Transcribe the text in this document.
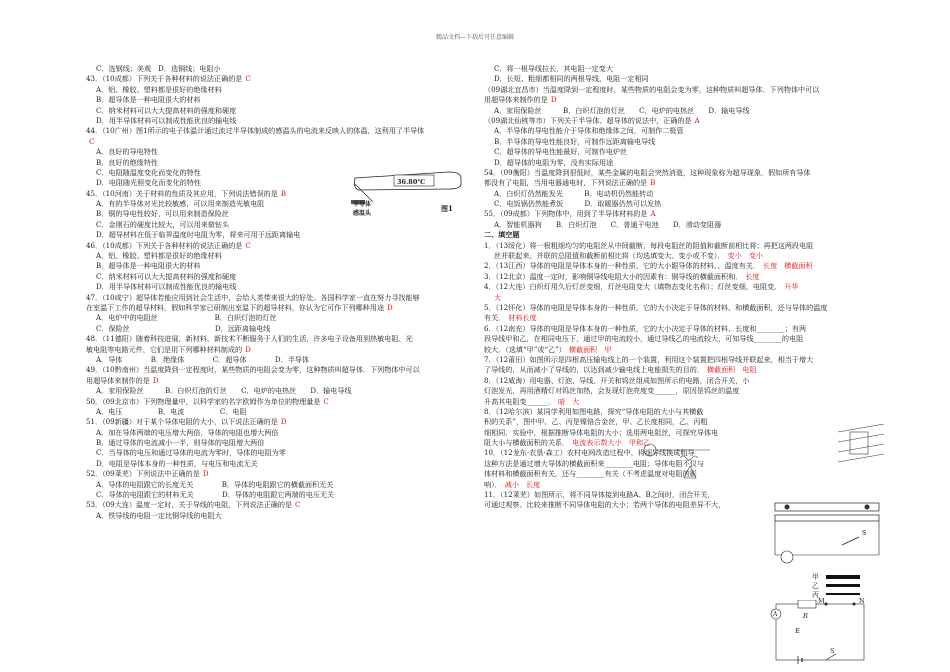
精品文档---下载后可任意编辑
C．选钢线；美观　D．选铜线；电阻小
43．（10成都）下列关于各种材料的说法正确的是 C
A．铝、橡胶、塑料都是很好的绝缘材料
B．超导体是一种电阻很大的材料
C．纳米材料可以大大提高材料的强度和硬度
D．用半导体材料可以制成性能优良的输电线
44．（10广州）图1所示的电子体温计通过流过半导体制成的感温头的电流来反映人的体温，这利用了半导体
C
A．良好的导电特性
B．良好的绝缘特性
C．电阻随温度变化而变化的特性
D．电阻随光照变化而变化的特性
45．（10河南）关于材料的性质及其应用，下列说法错误的是 B
A．有的半导体对光比较敏感，可以用来制造光敏电阻
B．铜的导电性较好，可以用来制造保险丝
C．金刚石的硬度比较大，可以用来做钻头
D．超导材料在低于临界温度时电阻为零，将来可用于远距离输电
46．（10成都）下列关于各种材料的说法正确的是 C
A．铝、橡胶、塑料都是很好的绝缘材料
B．超导体是一种电阻很大的材料
C．纳米材料可以大大提高材料的强度和硬度
D．用半导体材料可以制成性能优良的输电线
47．（10咸宁）超导体若能应用到社会生活中，会给人类带来很大的好处。各国科学家一直在努力寻找能够
在室温下工作的超导材料，假如科学家已研制出室温下的超导材料，你认为它可作下列哪种用途 D
A．电炉中的电阻丝　　　　　　　　B．白炽灯泡的灯丝
C．保险丝　　　　　　　　　　　　D．远距离输电线
48．（11德阳）随着科技进展，新材料，新技术不断服务于人们的生活，许多电子设备用到热敏电阻、光
敏电阻等电路元件，它们是用下列哪种材料制成的 D
A．导体　　　　B．绝缘体　　　　C．超导体　　　　D．半导体
49．（10黔南州）当温度降到一定程度时，某些物质的电阻会变为零，这种物质叫超导体．下列物体中可以
用超导体来制作的是 D
A．家用保险丝　　　B．白炽灯泡的灯丝　　C．电炉的电热丝　　D．输电导线
50．（09北京市）下列物理量中，以科学家的名字欧姆作为单位的物理量是 C
A．电压　　　　　B．电流　　　　　C．电阻
51．（09新疆）对于某个导体电阻的大小，以下说法正确的是 D
A．加在导体两端的电压增大两倍，导体的电阻也增大两倍
B．通过导体的电流减小一半，则导体的电阻增大两倍
C．当导体的电压和通过导体的电流为零时，导体的电阻为零
D．电阻是导体本身的一种性质，与电压和电流无关
52．（09莱芜）下列说法中正确的是 D
A．导体的电阻跟它的长度无关　　　　B．导体的电阻跟它的横截面积无关
C．导体的电阻跟它的材料无关　　　　D．导体的电阻跟它两端的电压无关
53．（09大连）温度一定时，关于导线的电阻，下列说法正确的是 C
A．铁导线的电阻一定比铜导线的电阻大
C．将一根导线拉长，其电阻一定变大
D．长短、粗细都相同的两根导线，电阻一定相同
（09湖北宜昌市）当温度降到一定程度时，某些物质的电阻会变为零，这种物质叫超导体．下列物体中可以
用超导体来制作的是 D
A．家用保险丝　　　B．白炽灯泡的灯丝　　C．电炉的电热丝　　D．输电导线
（09湖北仙桃等市）下列关于半导体、超导体的说法中，正确的是 A
A．半导体的导电性能介于导体和绝缘体之间，可制作二极管
B．半导体的导电性能良好，可制作远距离输电导线
C．超导体的导电性能最好，可制作电炉丝
D．超导体的电阻为零，没有实际用途
54．（09衡阳）当温度降到很低时，某些金属的电阻会突然消逝，这种现象称为超导现象．假如所有导体
都没有了电阻，当用电器通电时，下列说法正确的是 B
A．白炽灯仍然能发光　　　B．电动机仍然能转动
C．电饭锅仍然能煮饭　　　D．取暖器仍然可以发热
55．（09成都）下列物体中，用到了半导体材料的是 A
A．智能机器狗　　B．白炽灯泡　　C．普通干电池　　D．滑动变阻器
二、填空题
1．（13绥化）将一根粗细均匀的电阻丝从中间截断，每段电阻丝的阻值和截断前相比将；再把这两段电阻
丝并联起来，并联的总阻值和截断前相比将（均选填变大、变小或不变）． 变小　变小
2．（13江西）导体的电阻是导体本身的一种性质，它的大小跟导体的材料、、温度有关． 长度　横截面积
3．（12北京）温度一定时，影响铜导线电阻大小的因素有：铜导线的横截面积和． 长度
4．（12大连）白炽灯用久后灯丝变细，灯丝电阻变大（填物态变化名称）；灯丝变细，电阻变． 升华
大
5．（12怀化）导体的电阻是导体本身的一种性质，它的大小决定于导体的材料、和横截面积，还与导体的温度
有关． 材料长度
6．（12南充）导体的电阻是导体本身的一种性质，它的大小决定于导体的材料、长度和________；有两
段导线甲和乙，在相同电压下，通过甲的电流较小，通过导线乙的电流较大，可知导线________的电阻
较大．（选填“甲”或“乙”） 横截面积　甲
7．（12莆田）如图所示是四根高压输电线上的一个装置，利用这个装置把四根导线并联起来，相当于增大
了导线的，从而减小了导线的，以达到减少输电线上电能损失的目的． 横截面积　电阻
8．（12威海）用电器、灯泡、导线、开关和钨丝组成如图所示的电路，闭合开关，小
灯泡发光，再用酒精灯对钨丝加热，会发现灯泡亮度变______，原因是钨丝的温度
升高其电阻变______． 暗　大
8．（12哈尔滨）某同学利用如图电路，探究“导体电阻的大小与其横截
积的关系”，图中甲、乙、丙是镍铬合金丝，甲、乙长度相同，乙、丙粗
细相同．实验中，根据推断导体电阻的大小；选用两电阻丝，可探究导体电
阻大小与横截面积的关系． 电流表示数大小　甲和乙
10．（12龙东·农垦·森工）农村电网改造过程中，将细导线换成粗导
这种方法是通过增大导体的横截面积来________电阻；导体电阻不仅与
体材料和横截面积有关，还与________有关（不考虑温度对电阻的影
响）． 减小　长度
11．（12莱芜）如图所示，将不同导体接到电路A、B之间时，闭合开关，
可通过观察、比较来推断不同导体电阻的大小；若两个导体的电阻差异不大，
36.80℃
半导体
感温头
图1
S
甲
乙
丙
A
M	N
R
E
S
